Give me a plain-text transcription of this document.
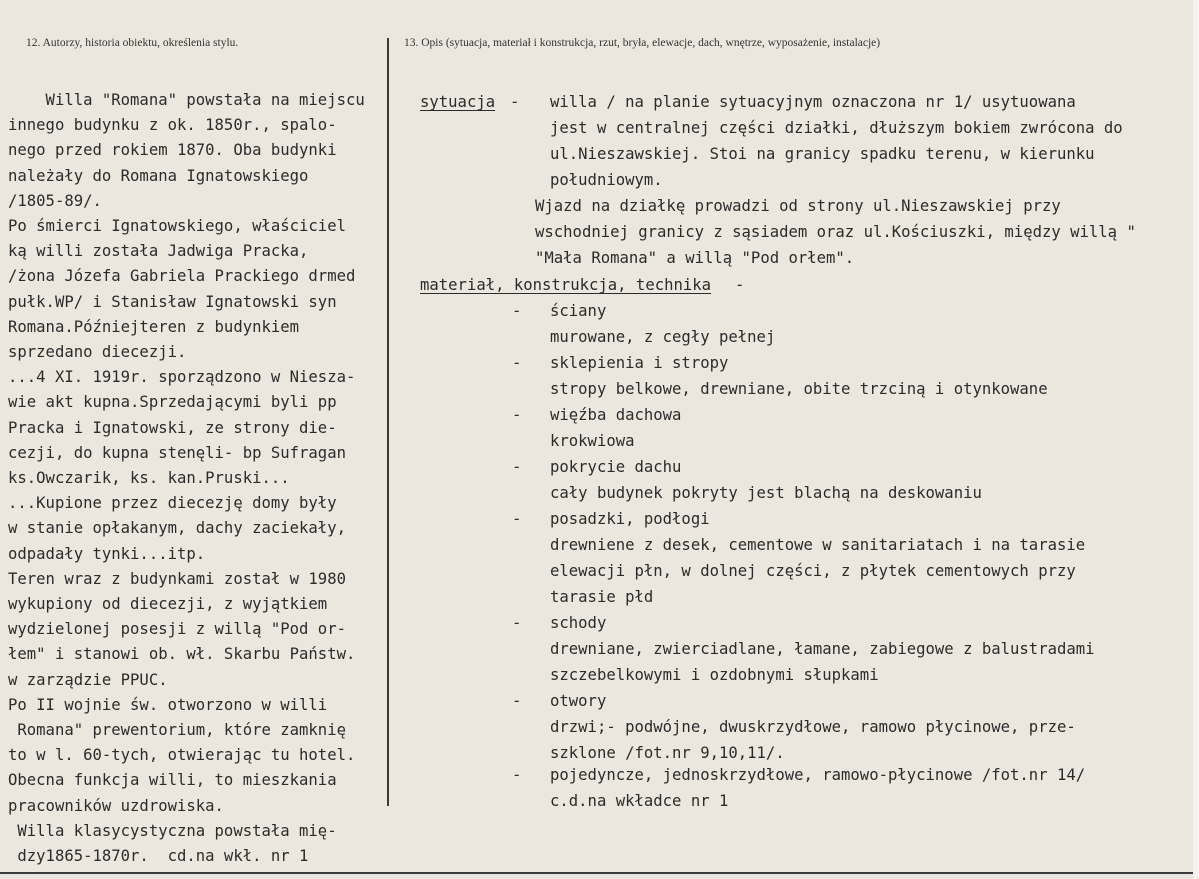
12. Autorzy, historia obiektu, określenia stylu.	13. Opis (sytuacja, materiał i konstrukcja, rzut, bryła, elewacje, dach, wnętrze, wyposażenie, instalacje)
Willa "Romana" powstała na miejscu
innego budynku z ok. 1850r., spalo-
nego przed rokiem 1870. Oba budynki
należały do Romana Ignatowskiego
/1805-89/.
Po śmierci Ignatowskiego, właściciel
ką willi została Jadwiga Pracka,
/żona Józefa Gabriela Prackiego drmed
pułk.WP/ i Stanisław Ignatowski syn
Romana.Późniejteren z budynkiem
sprzedano diecezji.
...4 XI. 1919r. sporządzono w Niesza-
wie akt kupna.Sprzedającymi byli pp
Pracka i Ignatowski, ze strony die-
cezji, do kupna stenęli- bp Sufragan
ks.Owczarik, ks. kan.Pruski...
...Kupione przez diecezję domy były
w stanie opłakanym, dachy zaciekały,
odpadały tynki...itp.
Teren wraz z budynkami został w 1980
wykupiony od diecezji, z wyjątkiem
wydzielonej posesji z willą "Pod or-
łem" i stanowi ob. wł. Skarbu Państw.
w zarządzie PPUC.
Po II wojnie św. otworzono w willi
Romana" prewentorium, które zamknię
to w l. 60-tych, otwierając tu hotel.
Obecna funkcja willi, to mieszkania
pracowników uzdrowiska.
Willa klasycystyczna powstała mię-
dzy1865-1870r.  cd.na wkł. nr 1
sytuacja - willa / na planie sytuacyjnym oznaczona nr 1/ usytuowana
jest w centralnej części działki, dłuższym bokiem zwrócona do
ul.Nieszawskiej. Stoi na granicy spadku terenu, w kierunku
południowym.
Wjazd na działkę prowadzi od strony ul.Nieszawskiej przy
wschodniej granicy z sąsiadem oraz ul.Kościuszki, między willą "
"Mała Romana" a willą "Pod orłem".
materiał, konstrukcja, technika -
- ściany
murowane, z cegły pełnej
- sklepienia i stropy
stropy belkowe, drewniane, obite trzciną i otynkowane
- więźba dachowa
krokwiowa
- pokrycie dachu
cały budynek pokryty jest blachą na deskowaniu
- posadzki, podłogi
drewniene z desek, cementowe w sanitariatach i na tarasie
elewacji płn, w dolnej części, z płytek cementowych przy
tarasie płd
- schody
drewniane, zwierciadlane, łamane, zabiegowe z balustradami
szczebelkowymi i ozdobnymi słupkami
- otwory
drzwi;- podwójne, dwuskrzydłowe, ramowo płycinowe, prze-
szklone /fot.nr 9,10,11/.
- pojedyncze, jednoskrzydłowe, ramowo-płycinowe /fot.nr 14/
c.d.na wkładce nr 1
